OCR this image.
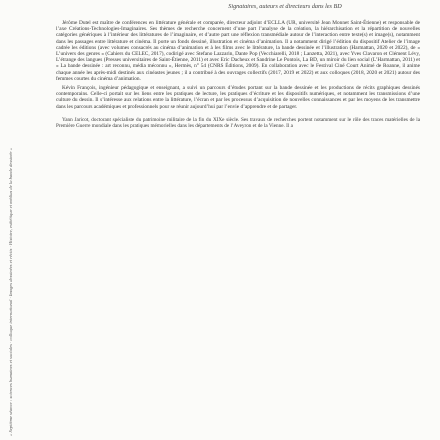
« Septième séance : sciences humaines et sociales · colloque international · Images dessinées et récits · Histoire, esthétique et médias de la bande dessinée »
Signataires, auteurs et directeurs dans les BD

Jérôme Dutel est maître de conférences en littérature générale et comparée, directeur adjoint d’ECLLA (UR, université Jean Monnet Saint-Étienne) et responsable de l’axe Créations-Technologies-Imaginaires. Ses thèmes de recherche concernent d’une part l’analyse de la création, la hiérarchisation et la répartition de nouvelles catégories génériques à l’intérieur des littératures de l’imaginaire, et d’autre part une réflexion transmédiale autour de l’interaction entre texte(s) et image(s), notamment dans les passages entre littérature et cinéma. Il porte un fonds dessiné, illustration et cinéma d’animation. Il a notamment dirigé l’édition du dispositif Atelier de l’image cadrée les éditions (avec volumes consacrés au cinéma d’animation et à les films avec le littérature, la bande dessinée et l’illustration (Harmattan, 2020 et 2022), de « L’univers des genres » (Cahiers du CELEC, 2017), codirigé avec Stefano Lazzarin, Dante Pop (Vecchiarelli, 2018 ; Lanzetta, 2021), avec Yves Clavaron et Clément Lévy, L’étrange des langues (Presses universitaires de Saint-Étienne, 2011) et avec Eric Dacheux et Sandrine Le Pontois, La BD, un miroir du lien social (L’Harmattan, 2011) et « La bande dessinée : art reconnu, média méconnu », Hermès, n° 54 (CNRS Éditions, 2009). En collaboration avec le Festival Ciné Court Animé de Roanne, il anime chaque année les après-midi destinés aux cinéastes jeunes ; il a contribué à des ouvrages collectifs (2017, 2019 et 2022) et aux colloques (2018, 2020 et 2021) autour des femmes courtes du cinéma d’animation.

Kévin François, ingénieur pédagogique et enseignant, a suivi un parcours d’études portant sur la bande dessinée et les productions de récits graphiques dessinés contemporains. Celle-ci portait sur les liens entre les pratiques de lecture, les pratiques d’écriture et les dispositifs numériques, et notamment les transmissions d’une culture du dessin. Il s’intéresse aux relations entre la littérature, l’écran et par les processus d’acquisition de nouvelles connaissances et par les moyens de les transmettre dans les parcours académiques et professionnels pour se réunir aujourd’hui par l’envie d’apprendre et de partager.

Yann Jaricot, doctorant spécialiste du patrimoine militaire de la fin du XIXe siècle. Ses travaux de recherches portent notamment sur le rôle des traces matérielles de la Première Guerre mondiale dans les pratiques mémorielles dans les départements de l’Aveyron et de la Vienne. Il a
